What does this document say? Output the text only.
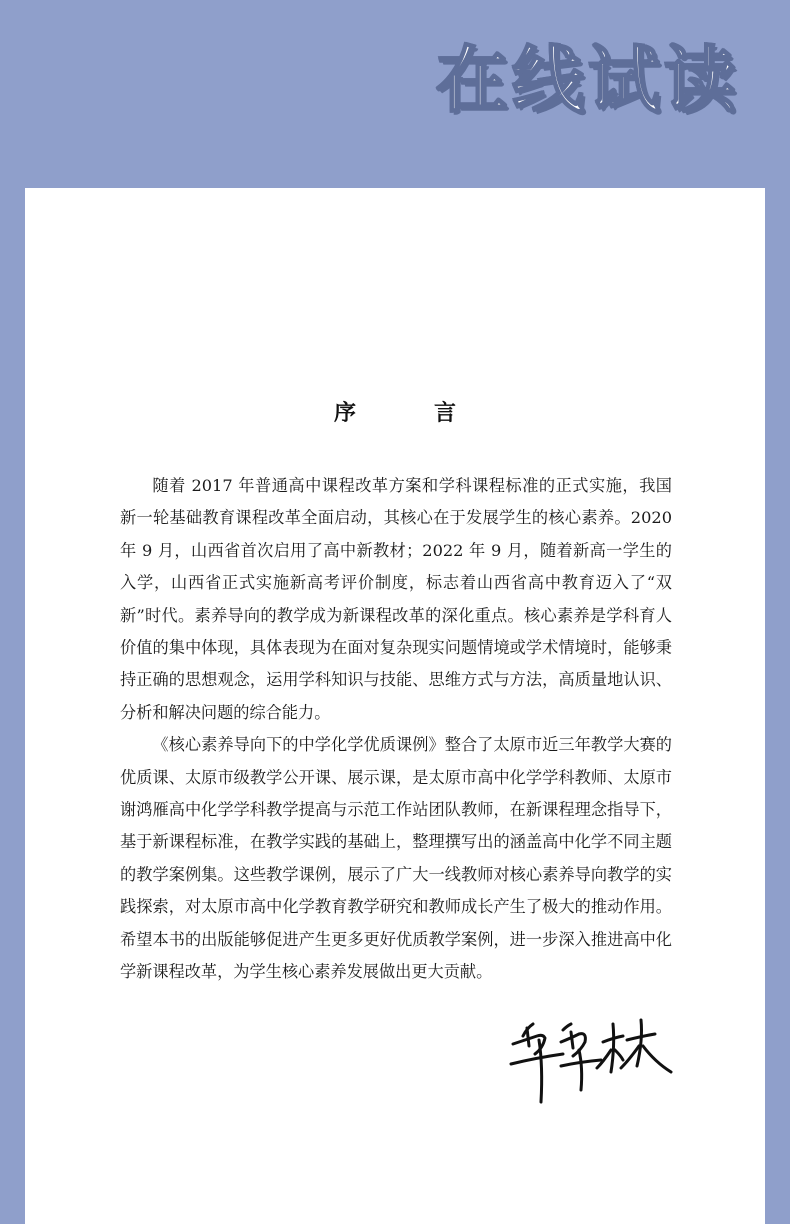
在线试读
序　言

随着 2017 年普通高中课程改革方案和学科课程标准的正式实施，我国新一轮基础教育课程改革全面启动，其核心在于发展学生的核心素养。2020 年 9 月，山西省首次启用了高中新教材；2022 年 9 月，随着新高一学生的入学，山西省正式实施新高考评价制度，标志着山西省高中教育迈入了“双新”时代。素养导向的教学成为新课程改革的深化重点。核心素养是学科育人价值的集中体现，具体表现为在面对复杂现实问题情境或学术情境时，能够秉持正确的思想观念，运用学科知识与技能、思维方式与方法，高质量地认识、分析和解决问题的综合能力。

《核心素养导向下的中学化学优质课例》整合了太原市近三年教学大赛的优质课、太原市级教学公开课、展示课，是太原市高中化学学科教师、太原市谢鸿雁高中化学学科教学提高与示范工作站团队教师，在新课程理念指导下，基于新课程标准，在教学实践的基础上，整理撰写出的涵盖高中化学不同主题的教学案例集。这些教学课例，展示了广大一线教师对核心素养导向教学的实践探索，对太原市高中化学教育教学研究和教师成长产生了极大的推动作用。希望本书的出版能够促进产生更多更好优质教学案例，进一步深入推进高中化学新课程改革，为学生核心素养发展做出更大贡献。
